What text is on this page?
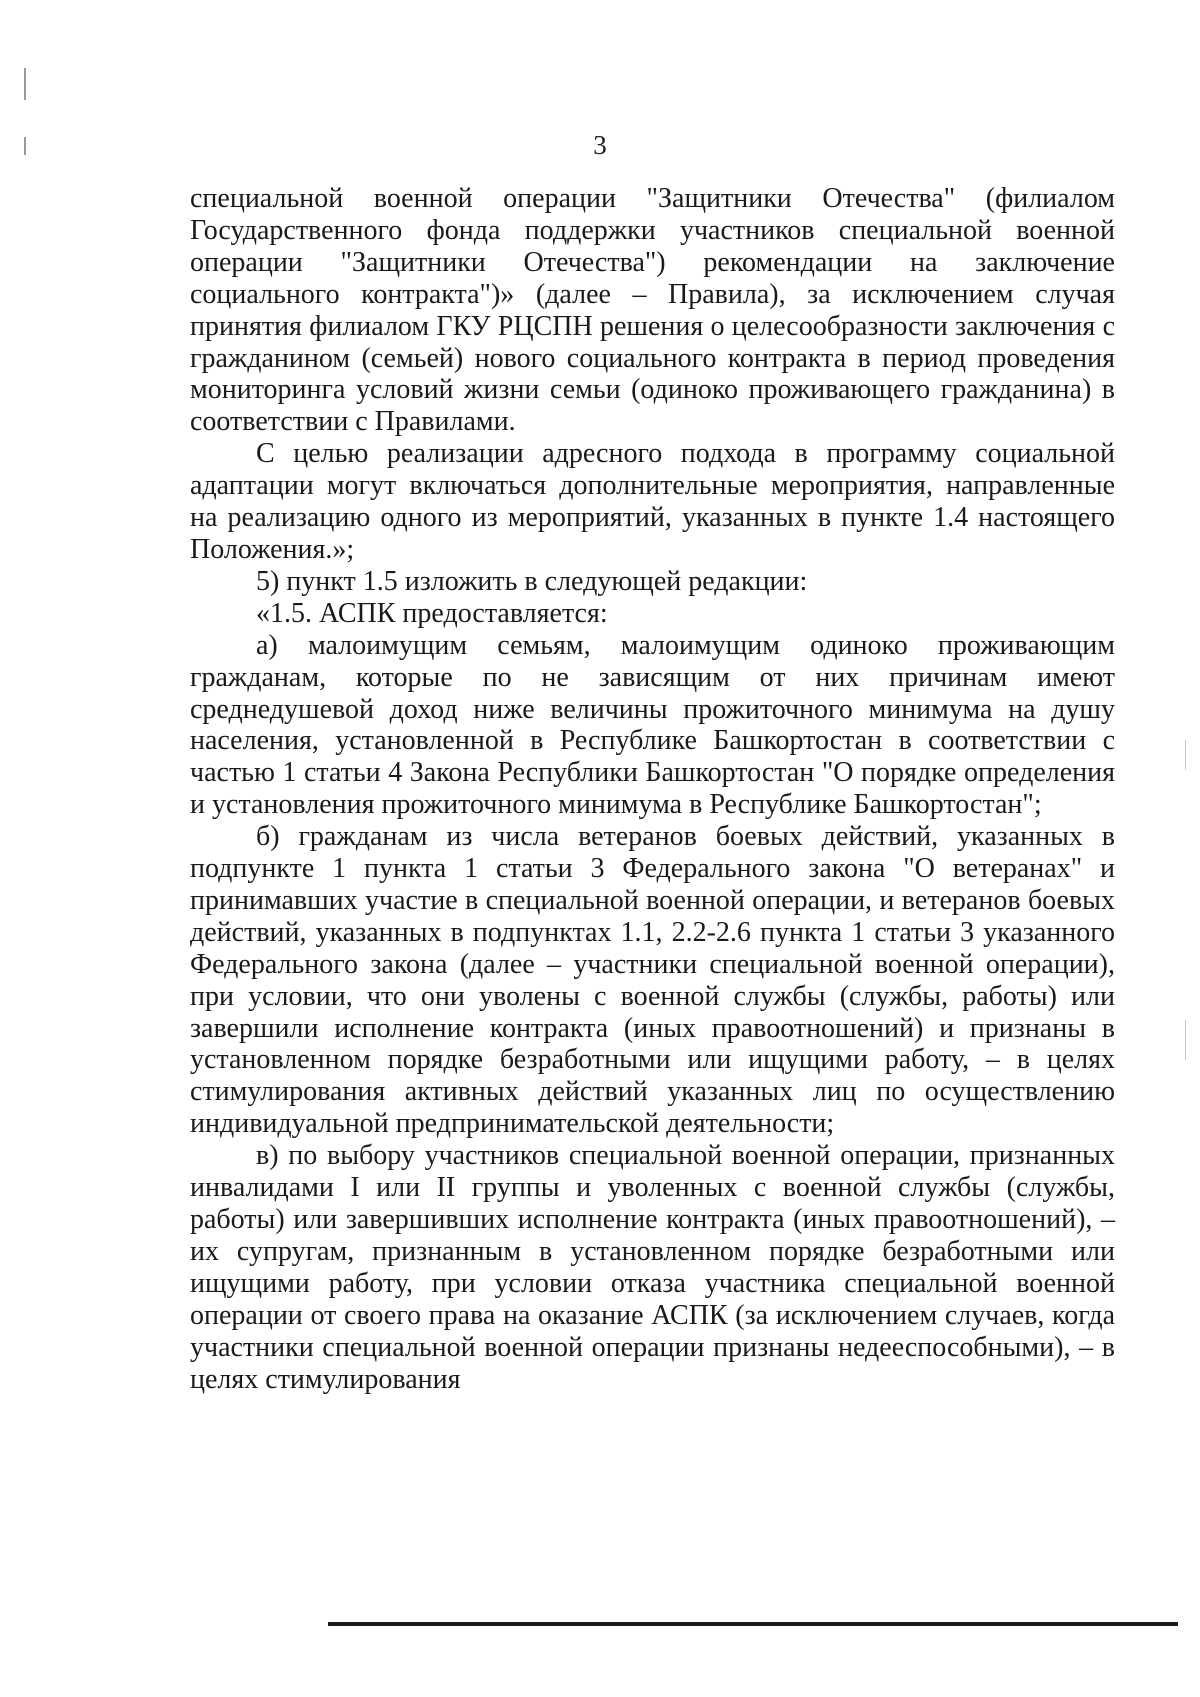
3

специальной военной операции "Защитники Отечества" (филиалом Государственного фонда поддержки участников специальной военной операции "Защитники Отечества") рекомендации на заключение социального контракта")» (далее – Правила), за исключением случая принятия филиалом ГКУ РЦСПН решения о целесообразности заключения с гражданином (семьей) нового социального контракта в период проведения мониторинга условий жизни семьи (одиноко проживающего гражданина) в соответствии с Правилами.

С целью реализации адресного подхода в программу социальной адаптации могут включаться дополнительные мероприятия, направленные на реализацию одного из мероприятий, указанных в пункте 1.4 настоящего Положения.»;

5) пункт 1.5 изложить в следующей редакции:

«1.5. АСПК предоставляется:

а) малоимущим семьям, малоимущим одиноко проживающим гражданам, которые по не зависящим от них причинам имеют среднедушевой доход ниже величины прожиточного минимума на душу населения, установленной в Республике Башкортостан в соответствии с частью 1 статьи 4 Закона Республики Башкортостан "О порядке определения и установления прожиточного минимума в Республике Башкортостан";

б) гражданам из числа ветеранов боевых действий, указанных в подпункте 1 пункта 1 статьи 3 Федерального закона "О ветеранах" и принимавших участие в специальной военной операции, и ветеранов боевых действий, указанных в подпунктах 1.1, 2.2-2.6 пункта 1 статьи 3 указанного Федерального закона (далее – участники специальной военной операции), при условии, что они уволены с военной службы (службы, работы) или завершили исполнение контракта (иных правоотношений) и признаны в установленном порядке безработными или ищущими работу, – в целях стимулирования активных действий указанных лиц по осуществлению индивидуальной предпринимательской деятельности;

в) по выбору участников специальной военной операции, признанных инвалидами I или II группы и уволенных с военной службы (службы, работы) или завершивших исполнение контракта (иных правоотношений), – их супругам, признанным в установленном порядке безработными или ищущими работу, при условии отказа участника специальной военной операции от своего права на оказание АСПК (за исключением случаев, когда участники специальной военной операции признаны недееспособными), – в целях стимулирования
